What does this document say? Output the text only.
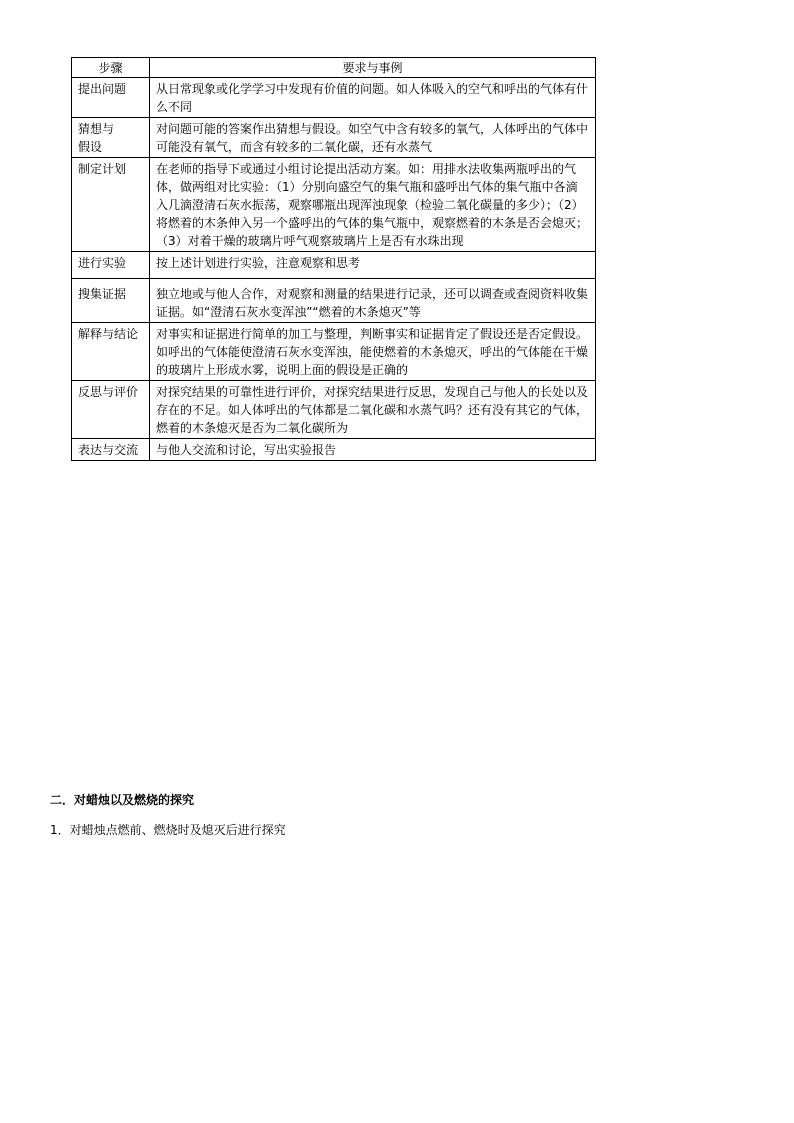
步骤	要求与事例
提出问题	从日常现象或化学学习中发现有价值的问题。如人体吸入的空气和呼出的气体有什么不同

猜想与假设	对问题可能的答案作出猜想与假设。如空气中含有较多的氧气，人体呼出的气体中可能没有氧气，而含有较多的二氧化碳，还有水蒸气
制定计划	在老师的指导下或通过小组讨论提出活动方案。如：用排水法收集两瓶呼出的气体，做两组对比实验：（1）分别向盛空气的集气瓶和盛呼出气体的集气瓶中各滴入几滴澄清石灰水振荡，观察哪瓶出现浑浊现象（检验二氧化碳量的多少）；（2）将燃着的木条伸入另一个盛呼出的气体的集气瓶中，观察燃着的木条是否会熄灭；（3）对着干燥的玻璃片呼气观察玻璃片上是否有水珠出现
进行实验	按上述计划进行实验，注意观察和思考
搜集证据	独立地或与他人合作，对观察和测量的结果进行记录，还可以调查或查阅资料收集证据。如“澄清石灰水变浑浊”“燃着的木条熄灭”等
解释与结论	对事实和证据进行简单的加工与整理，判断事实和证据肯定了假设还是否定假设。如呼出的气体能使澄清石灰水变浑浊，能使燃着的木条熄灭，呼出的气体能在干燥的玻璃片上形成水雾，说明上面的假设是正确的
反思与评价	对探究结果的可靠性进行评价，对探究结果进行反思，发现自己与他人的长处以及存在的不足。如人体呼出的气体都是二氧化碳和水蒸气吗？还有没有其它的气体，燃着的木条熄灭是否为二氧化碳所为
表达与交流	与他人交流和讨论，写出实验报告
二．对蜡烛以及燃烧的探究
1．对蜡烛点燃前、燃烧时及熄灭后进行探究
